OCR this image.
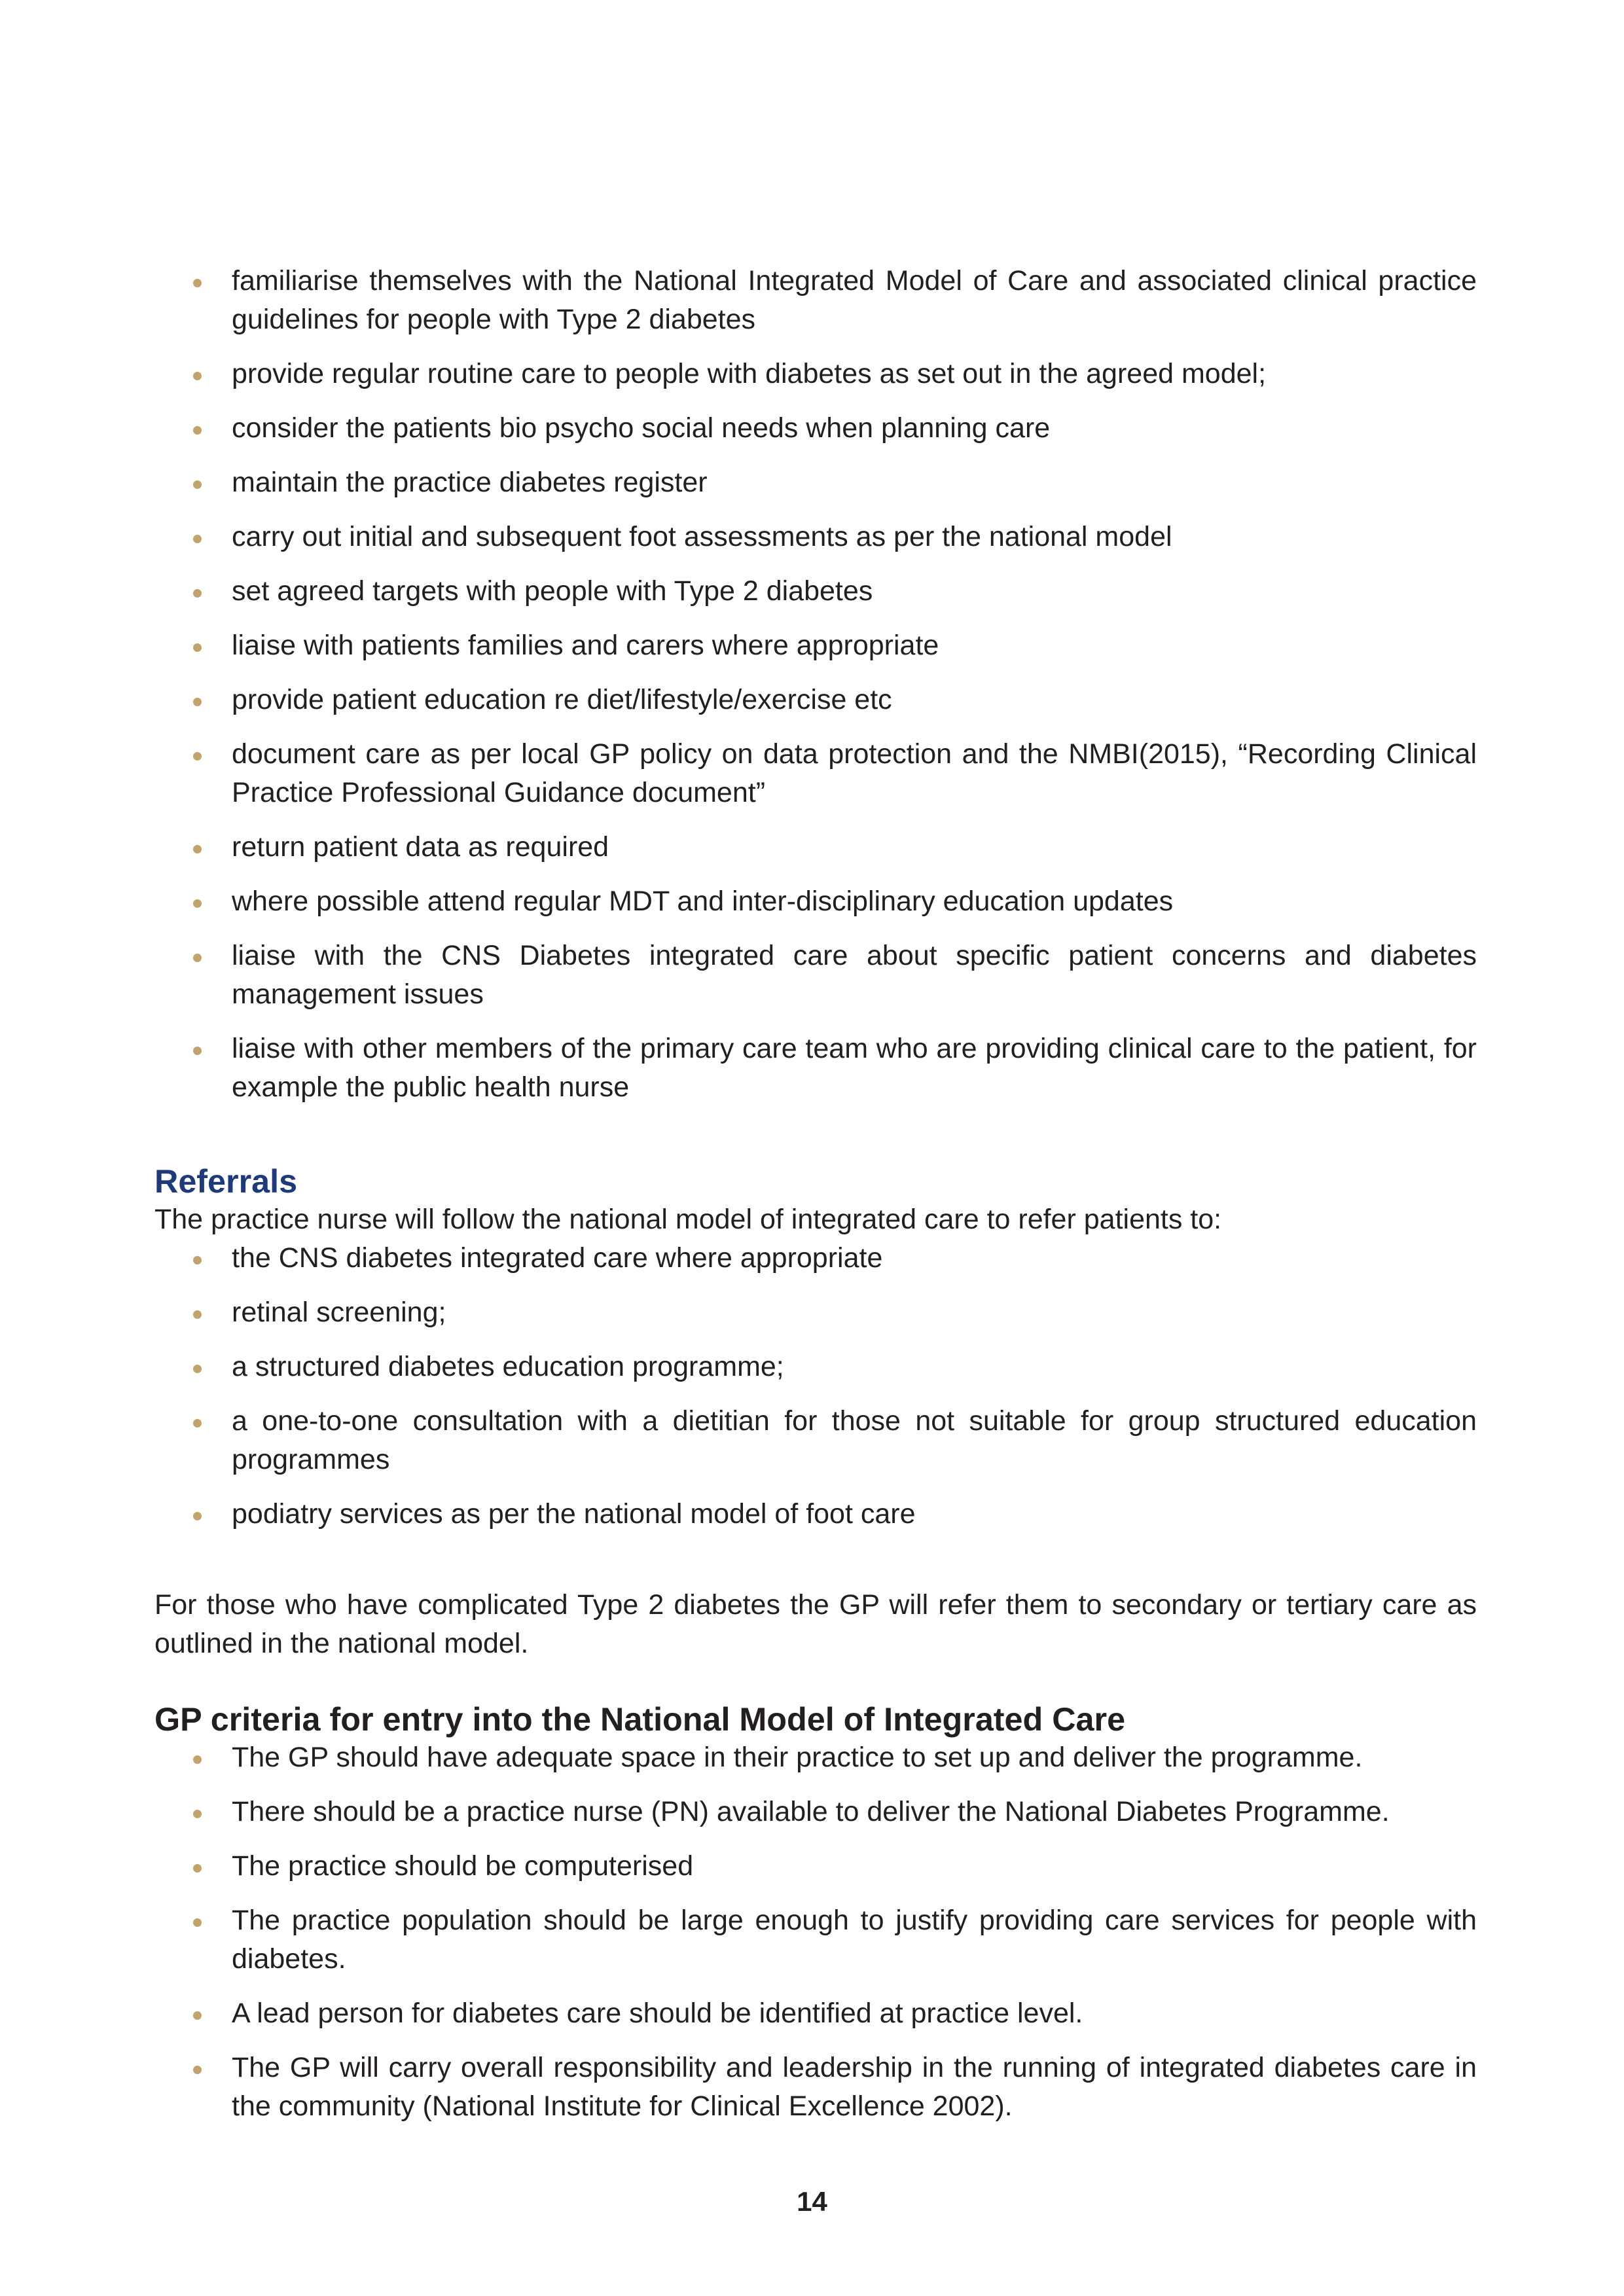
familiarise themselves with the National Integrated Model of Care and associated clinical practice guidelines for people with Type 2 diabetes
provide regular routine care to people with diabetes as set out in the agreed model;
consider the patients bio psycho social needs when planning care
maintain the practice diabetes register
carry out initial and subsequent foot assessments as per the national model
set agreed targets with people with Type 2 diabetes
liaise with patients families and carers where appropriate
provide patient education re diet/lifestyle/exercise etc
document care as per local GP policy on data protection and the NMBI(2015), “Recording Clinical Practice Professional Guidance document”
return patient data as required
where possible attend regular MDT and inter-disciplinary education updates
liaise with the CNS Diabetes integrated care about specific patient concerns and diabetes management issues
liaise with other members of the primary care team who are providing clinical care to the patient, for example the public health nurse
Referrals

The practice nurse will follow the national model of integrated care to refer patients to:

the CNS diabetes integrated care where appropriate
retinal screening;
a structured diabetes education programme;
a one-to-one consultation with a dietitian for those not suitable for group structured education programmes
podiatry services as per the national model of foot care

For those who have complicated Type 2 diabetes the GP will refer them to secondary or tertiary care as outlined in the national model.

GP criteria for entry into the National Model of Integrated Care
The GP should have adequate space in their practice to set up and deliver the programme.
There should be a practice nurse (PN) available to deliver the National Diabetes Programme.
The practice should be computerised
The practice population should be large enough to justify providing care services for people with diabetes.
A lead person for diabetes care should be identified at practice level.
The GP will carry overall responsibility and leadership in the running of integrated diabetes care in the community (National Institute for Clinical Excellence 2002).
14
